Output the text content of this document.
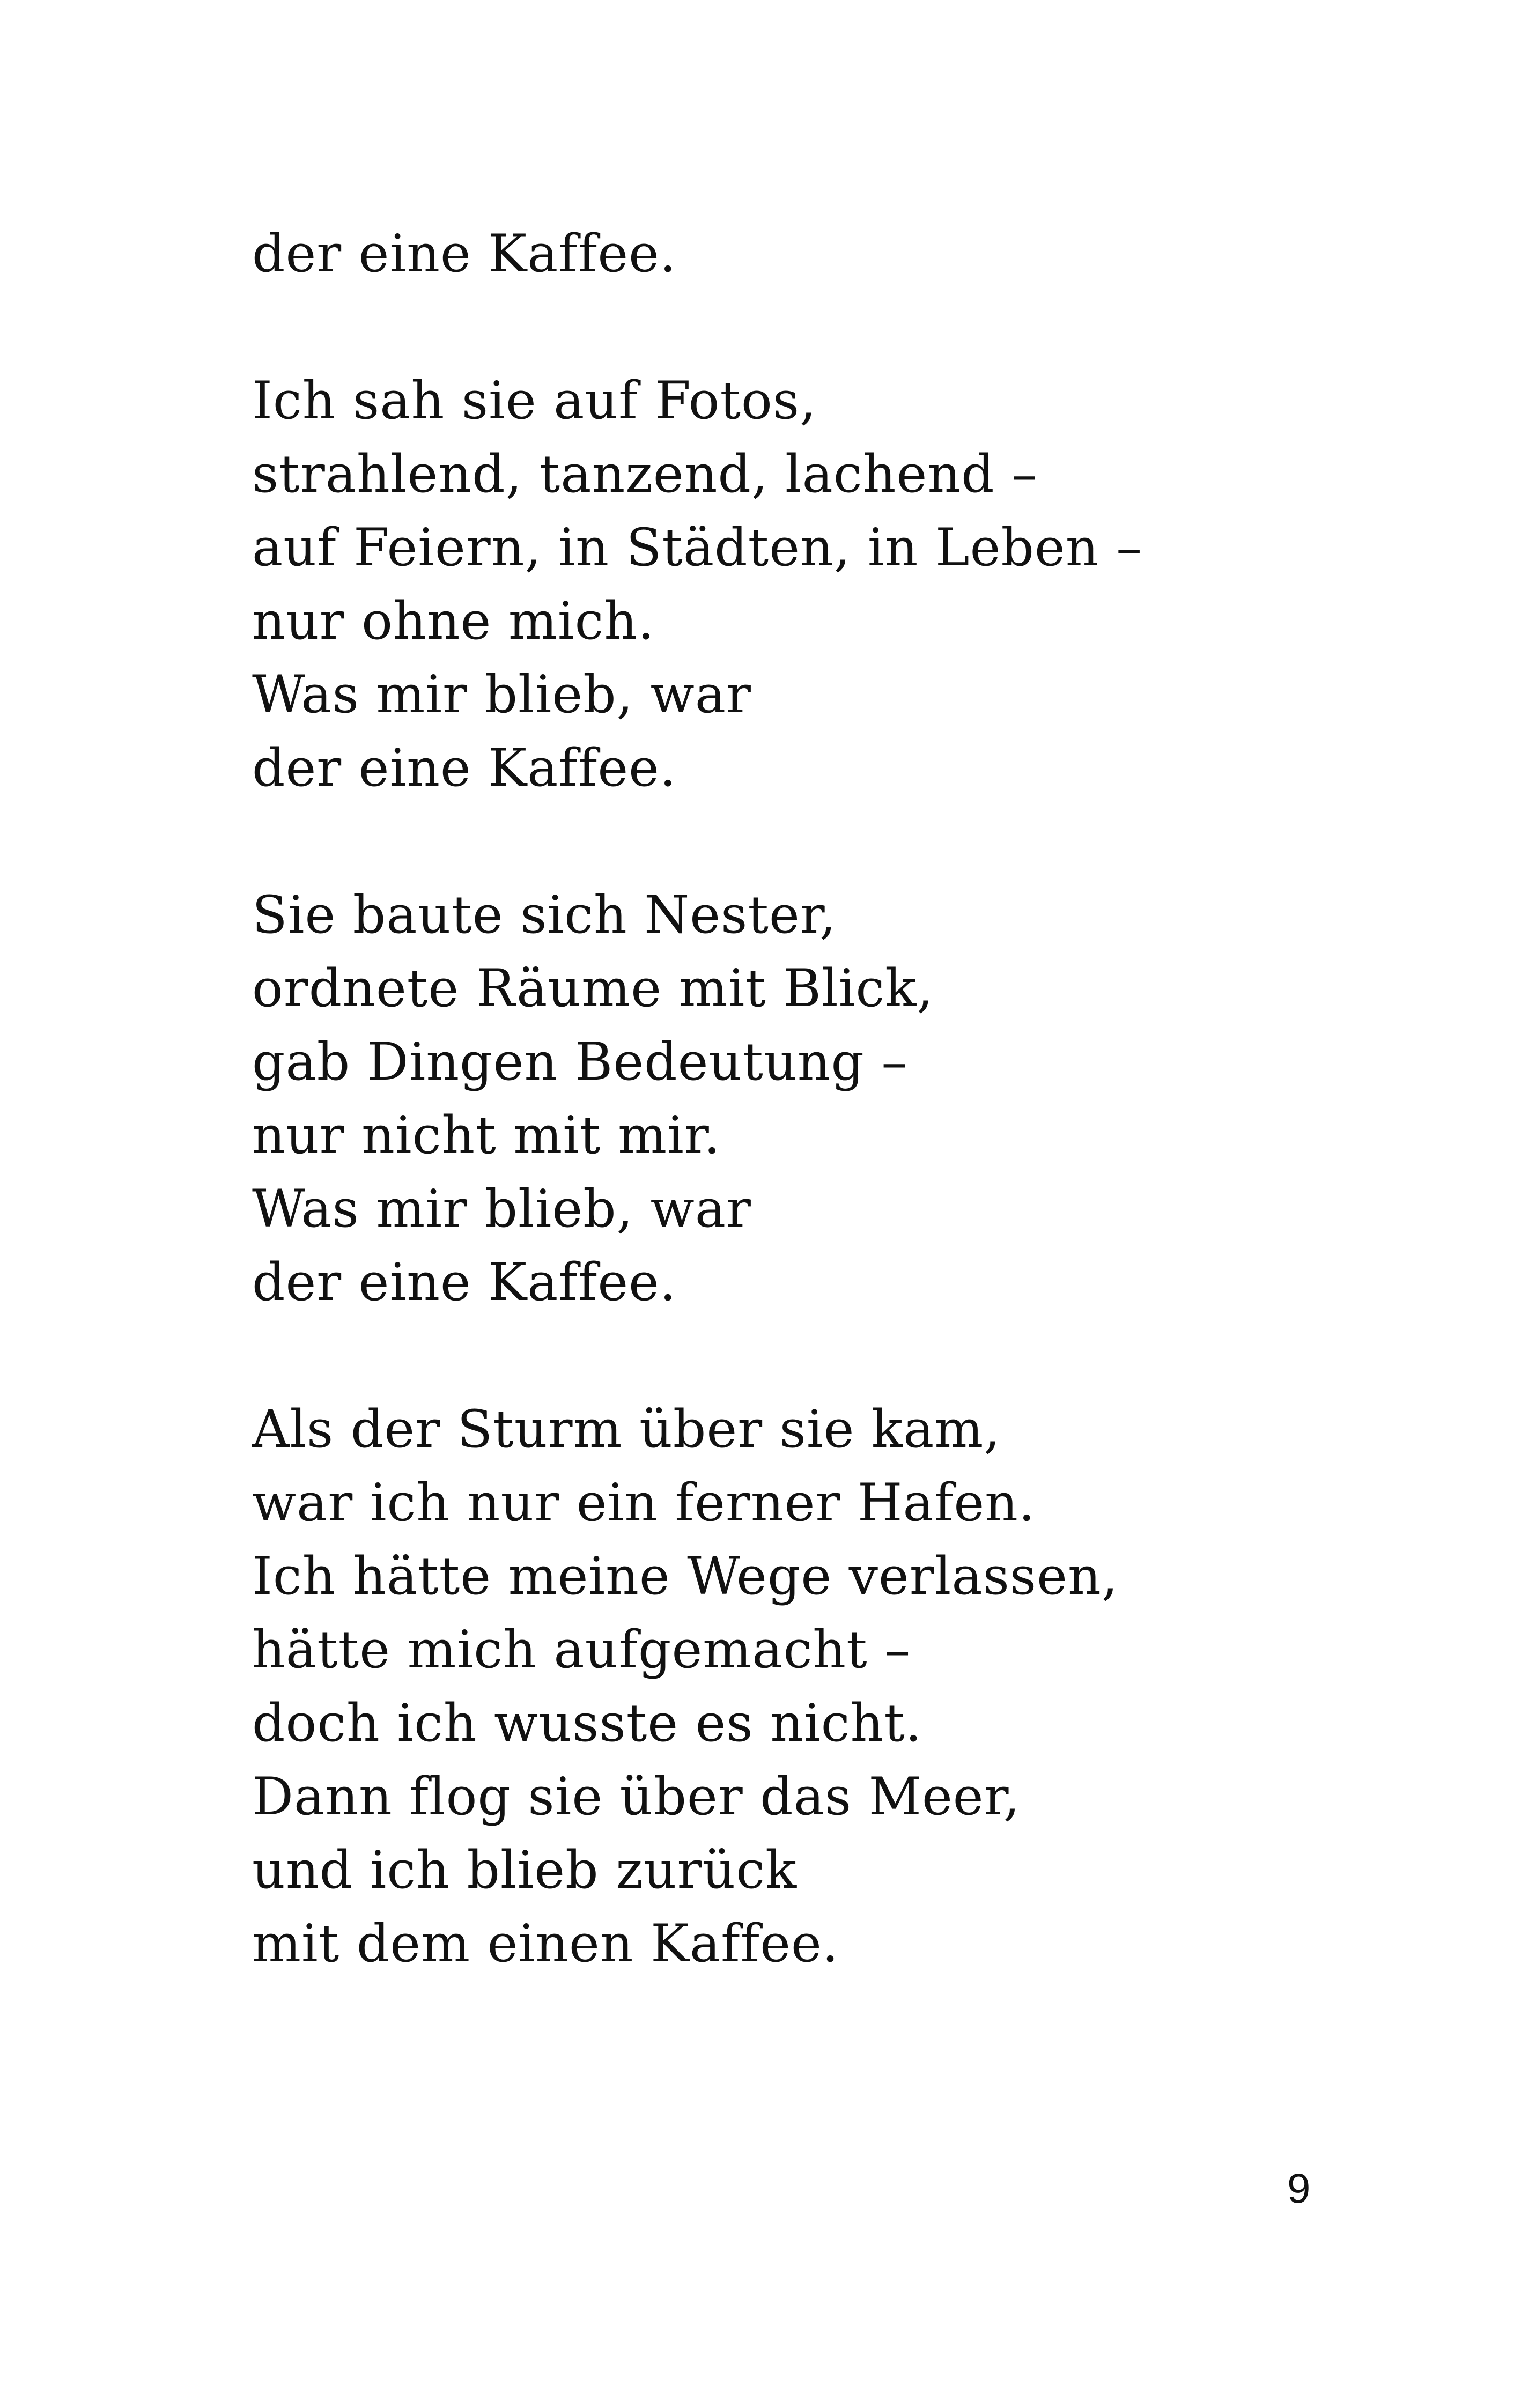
der eine Kaffee.
Ich sah sie auf Fotos,
strahlend, tanzend, lachend –
auf Feiern, in Städten, in Leben –
nur ohne mich.
Was mir blieb, war
der eine Kaffee.
Sie baute sich Nester,
ordnete Räume mit Blick,
gab Dingen Bedeutung –
nur nicht mit mir.
Was mir blieb, war
der eine Kaffee.
Als der Sturm über sie kam,
war ich nur ein ferner Hafen.
Ich hätte meine Wege verlassen,
hätte mich aufgemacht –
doch ich wusste es nicht.
Dann flog sie über das Meer,
und ich blieb zurück
mit dem einen Kaffee.
9
